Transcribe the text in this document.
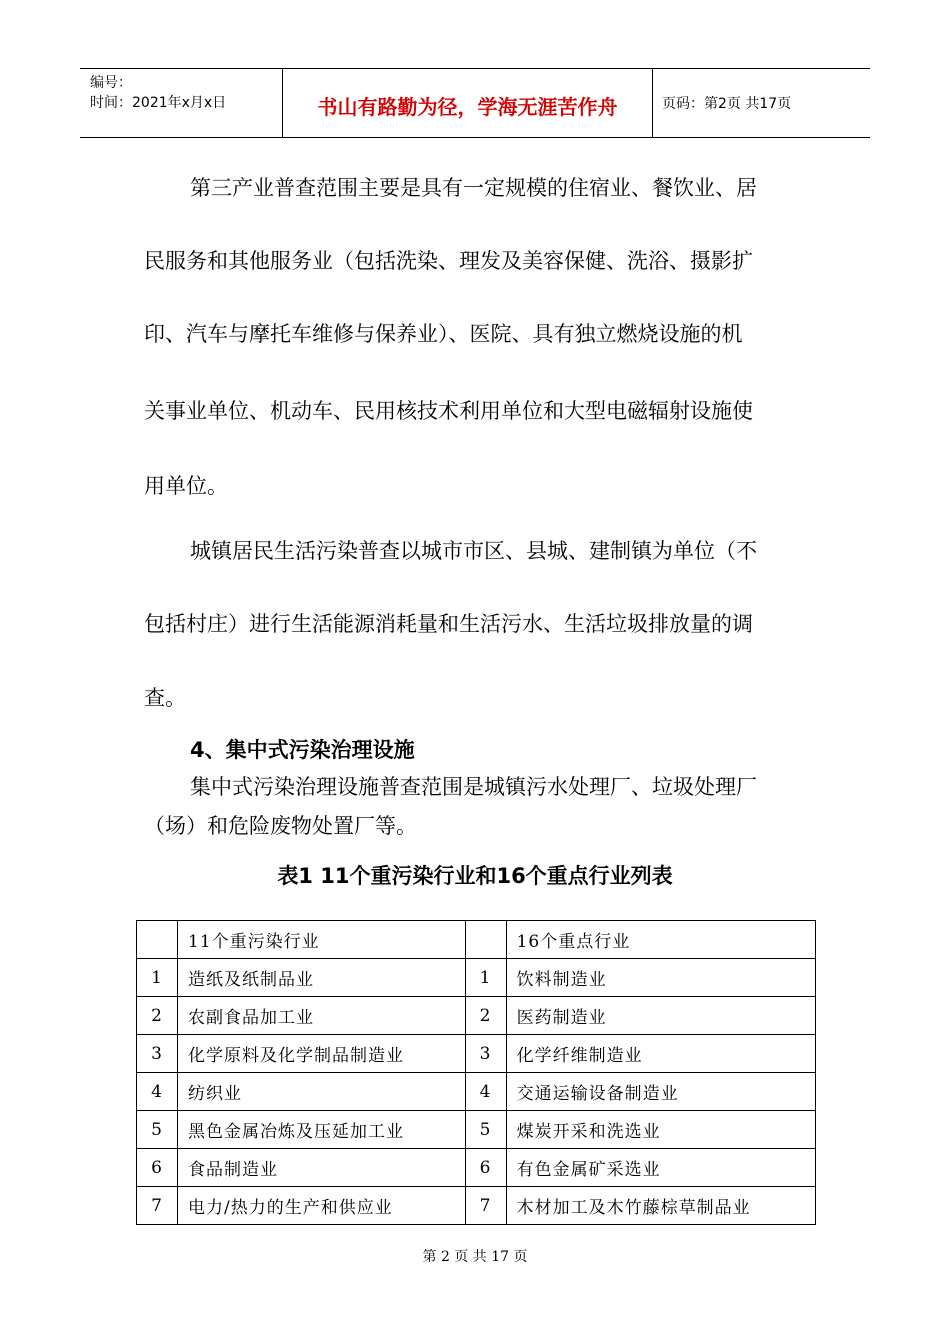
编号：
时间：2021年x月x日	书山有路勤为径，学海无涯苦作舟	页码：第2页 共17页
第三产业普查范围主要是具有一定规模的住宿业、餐饮业、居
民服务和其他服务业（包括洗染、理发及美容保健、洗浴、摄影扩
印、汽车与摩托车维修与保养业）、医院、具有独立燃烧设施的机
关事业单位、机动车、民用核技术利用单位和大型电磁辐射设施使
用单位。
城镇居民生活污染普查以城市市区、县城、建制镇为单位（不
包括村庄）进行生活能源消耗量和生活污水、生活垃圾排放量的调
查。
4、集中式污染治理设施
集中式污染治理设施普查范围是城镇污水处理厂、垃圾处理厂
（场）和危险废物处置厂等。
表1 11个重污染行业和16个重点行业列表
	11个重污染行业		16个重点行业
1	造纸及纸制品业	1	饮料制造业
2	农副食品加工业	2	医药制造业
3	化学原料及化学制品制造业	3	化学纤维制造业
4	纺织业	4	交通运输设备制造业
5	黑色金属冶炼及压延加工业	5	煤炭开采和洗选业
6	食品制造业	6	有色金属矿采选业
7	电力/热力的生产和供应业	7	木材加工及木竹藤棕草制品业
第 2 页 共 17 页
